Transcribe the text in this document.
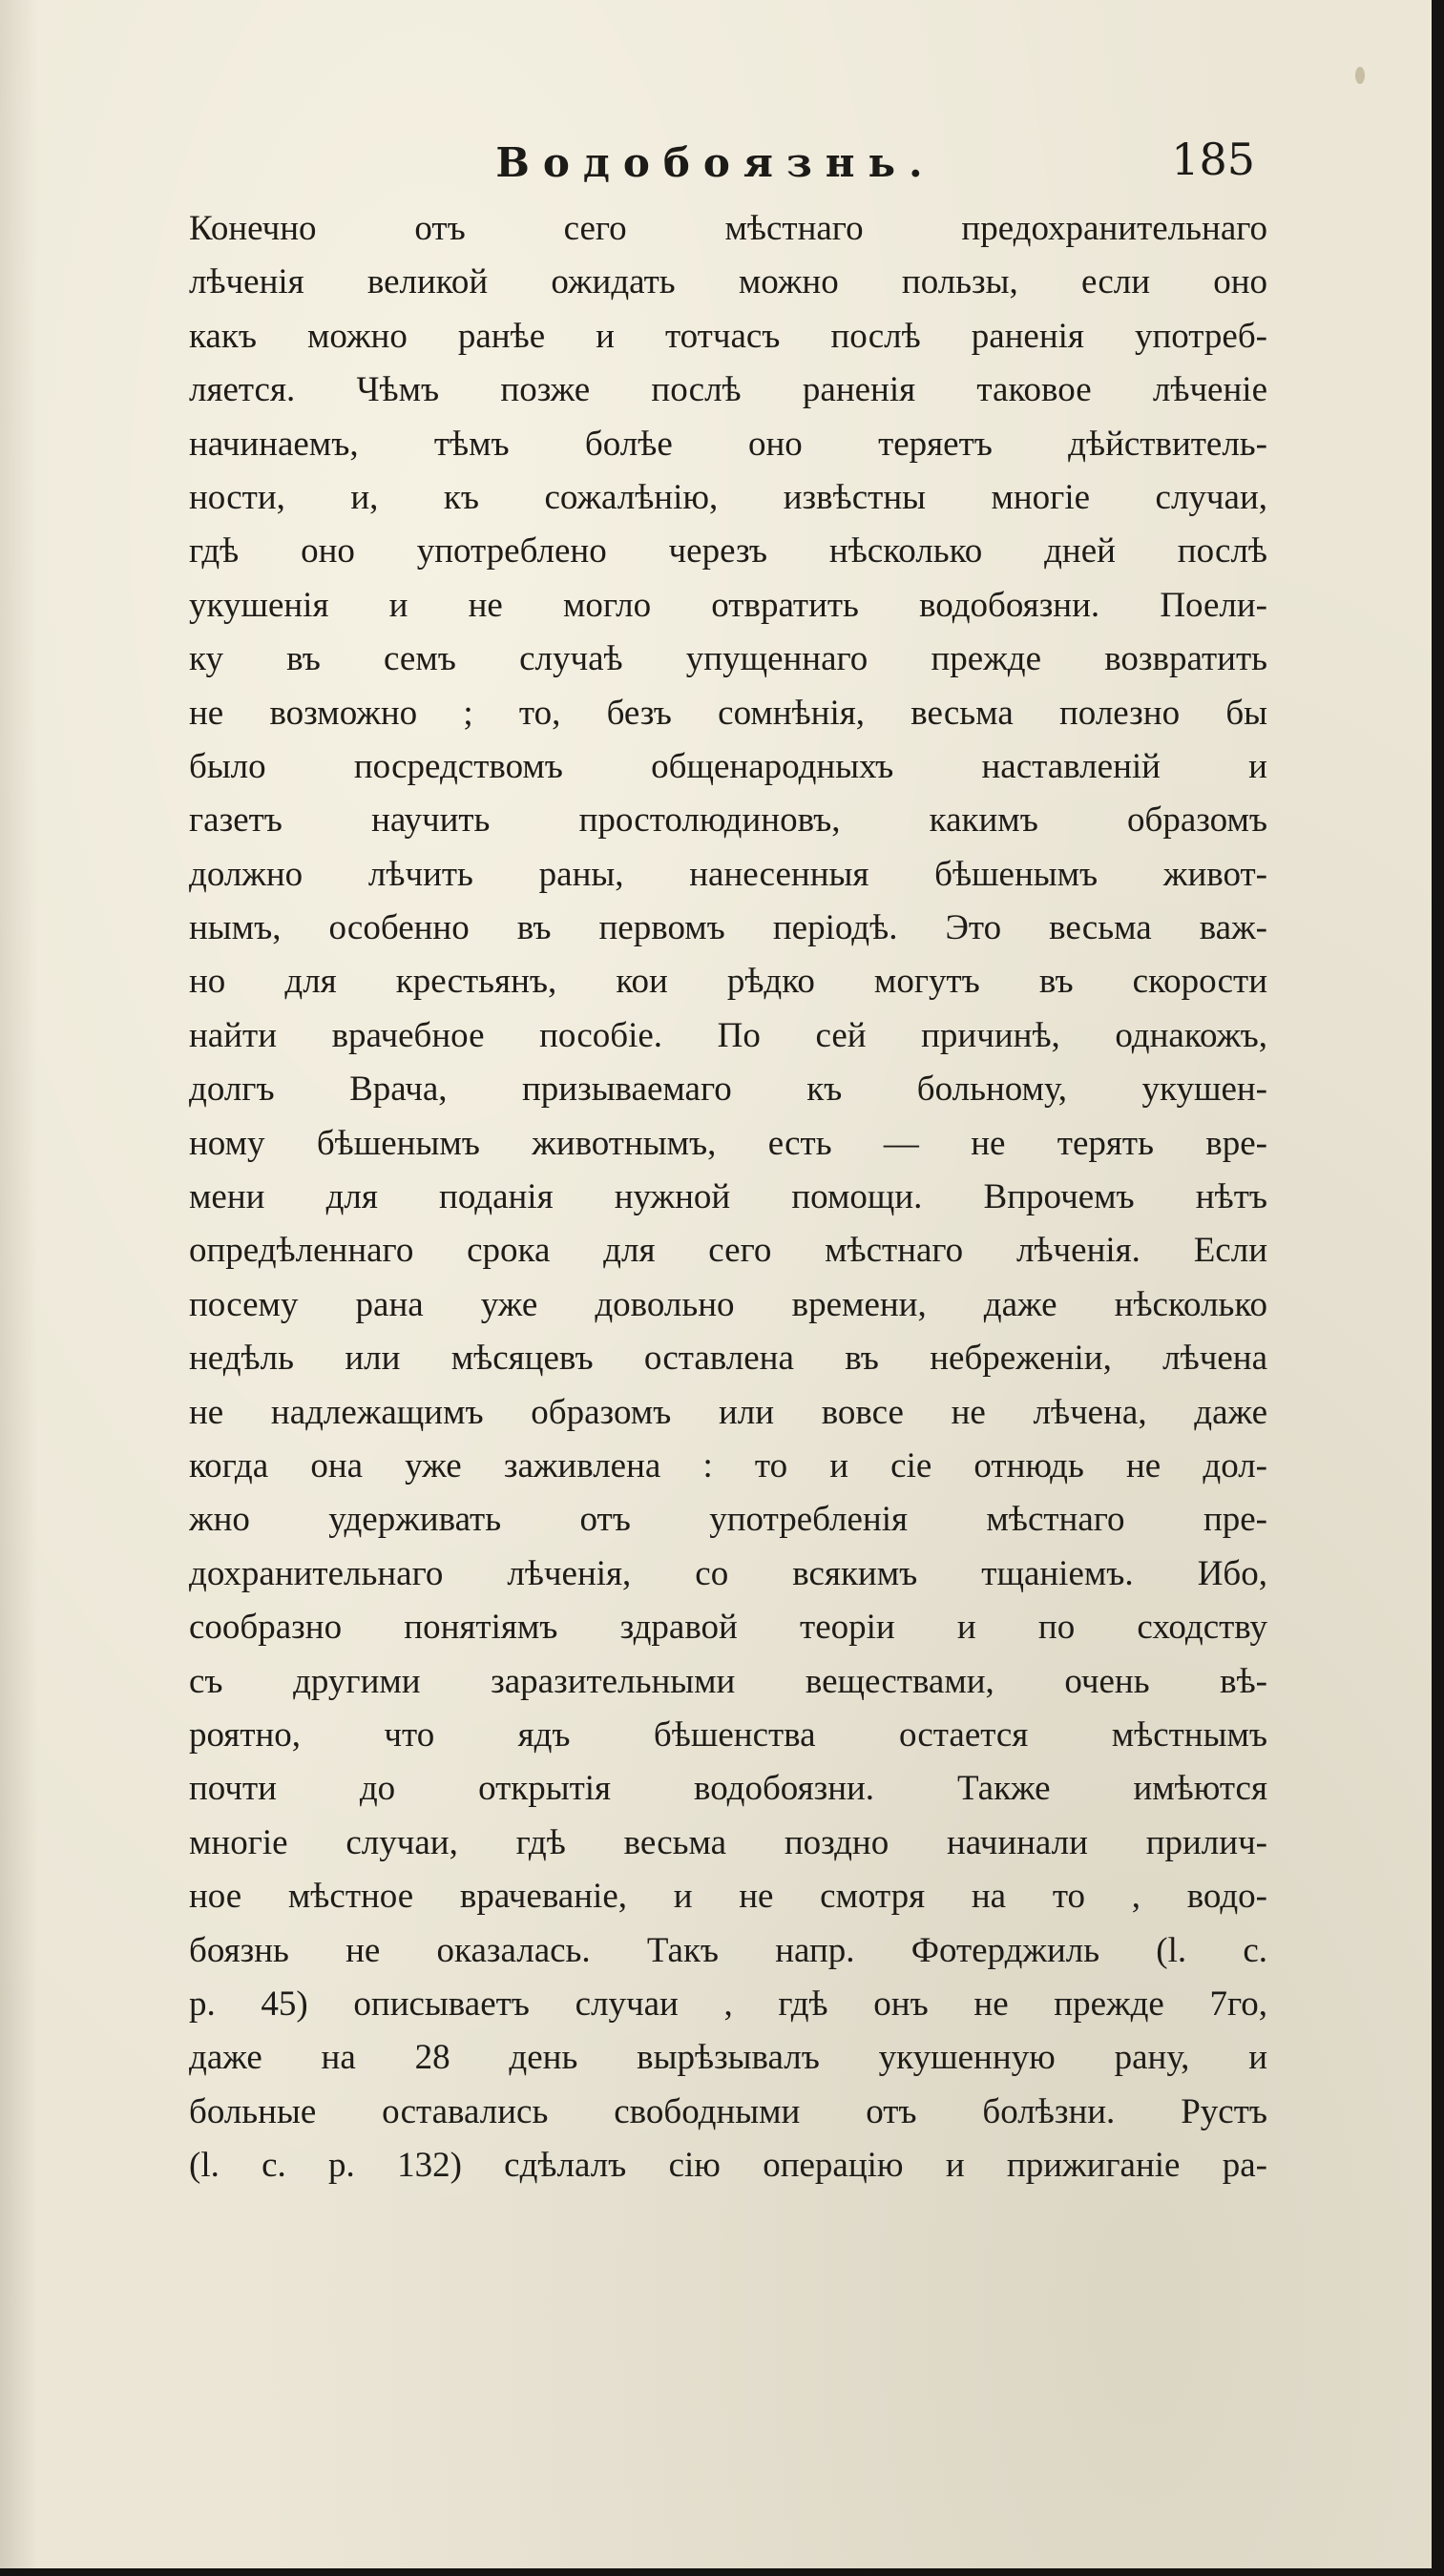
Водобоязнь.	185
Конечно отъ сего мѣстнаго предохранительнаго
лѣченія великой ожидать можно пользы, если оно
какъ можно ранѣе и тотчасъ послѣ раненія употреб-
ляется. Чѣмъ позже послѣ раненія таковое лѣченіе
начинаемъ, тѣмъ болѣе оно теряетъ дѣйствитель-
ности, и, къ сожалѣнію, извѣстны многіе случаи,
гдѣ оно употреблено черезъ нѣсколько дней послѣ
укушенія и не могло отвратить водобоязни. Поели-
ку въ семъ случаѣ упущеннаго прежде возвратить
не возможно ; то, безъ сомнѣнія, весьма полезно бы
было посредствомъ общенародныхъ наставленій и
газетъ научить простолюдиновъ, какимъ образомъ
должно лѣчить раны, нанесенныя бѣшенымъ живот-
нымъ, особенно въ первомъ періодѣ. Это весьма важ-
но для крестьянъ, кои рѣдко могутъ въ скорости
найти врачебное пособіе. По сей причинѣ, однакожъ,
долгъ Врача, призываемаго къ больному, укушен-
ному бѣшенымъ животнымъ, есть — не терять вре-
мени для поданія нужной помощи. Впрочемъ нѣтъ
опредѣленнаго срока для сего мѣстнаго лѣченія. Если
посему рана уже довольно времени, даже нѣсколько
недѣль или мѣсяцевъ оставлена въ небреженіи, лѣчена
не надлежащимъ образомъ или вовсе не лѣчена, даже
когда она уже заживлена : то и сіе отнюдь не дол-
жно удерживать отъ употребленія мѣстнаго пре-
дохранительнаго лѣченія, со всякимъ тщаніемъ. Ибо,
сообразно понятіямъ здравой теоріи и по сходству
съ другими заразительными веществами, очень вѣ-
роятно, что ядъ бѣшенства остается мѣстнымъ
почти до открытія водобоязни. Также имѣются
многіе случаи, гдѣ весьма поздно начинали прилич-
ное мѣстное врачеваніе, и не смотря на то , водо-
боязнь не оказалась. Такъ напр. Фотерджиль (l. c.
p. 45) описываетъ случаи , гдѣ онъ не прежде 7го,
даже на 28 день вырѣзывалъ укушенную рану, и
больные оставались свободными отъ болѣзни. Рустъ
(l. c. p. 132) сдѣлалъ сію операцію и прижиганіе ра-
